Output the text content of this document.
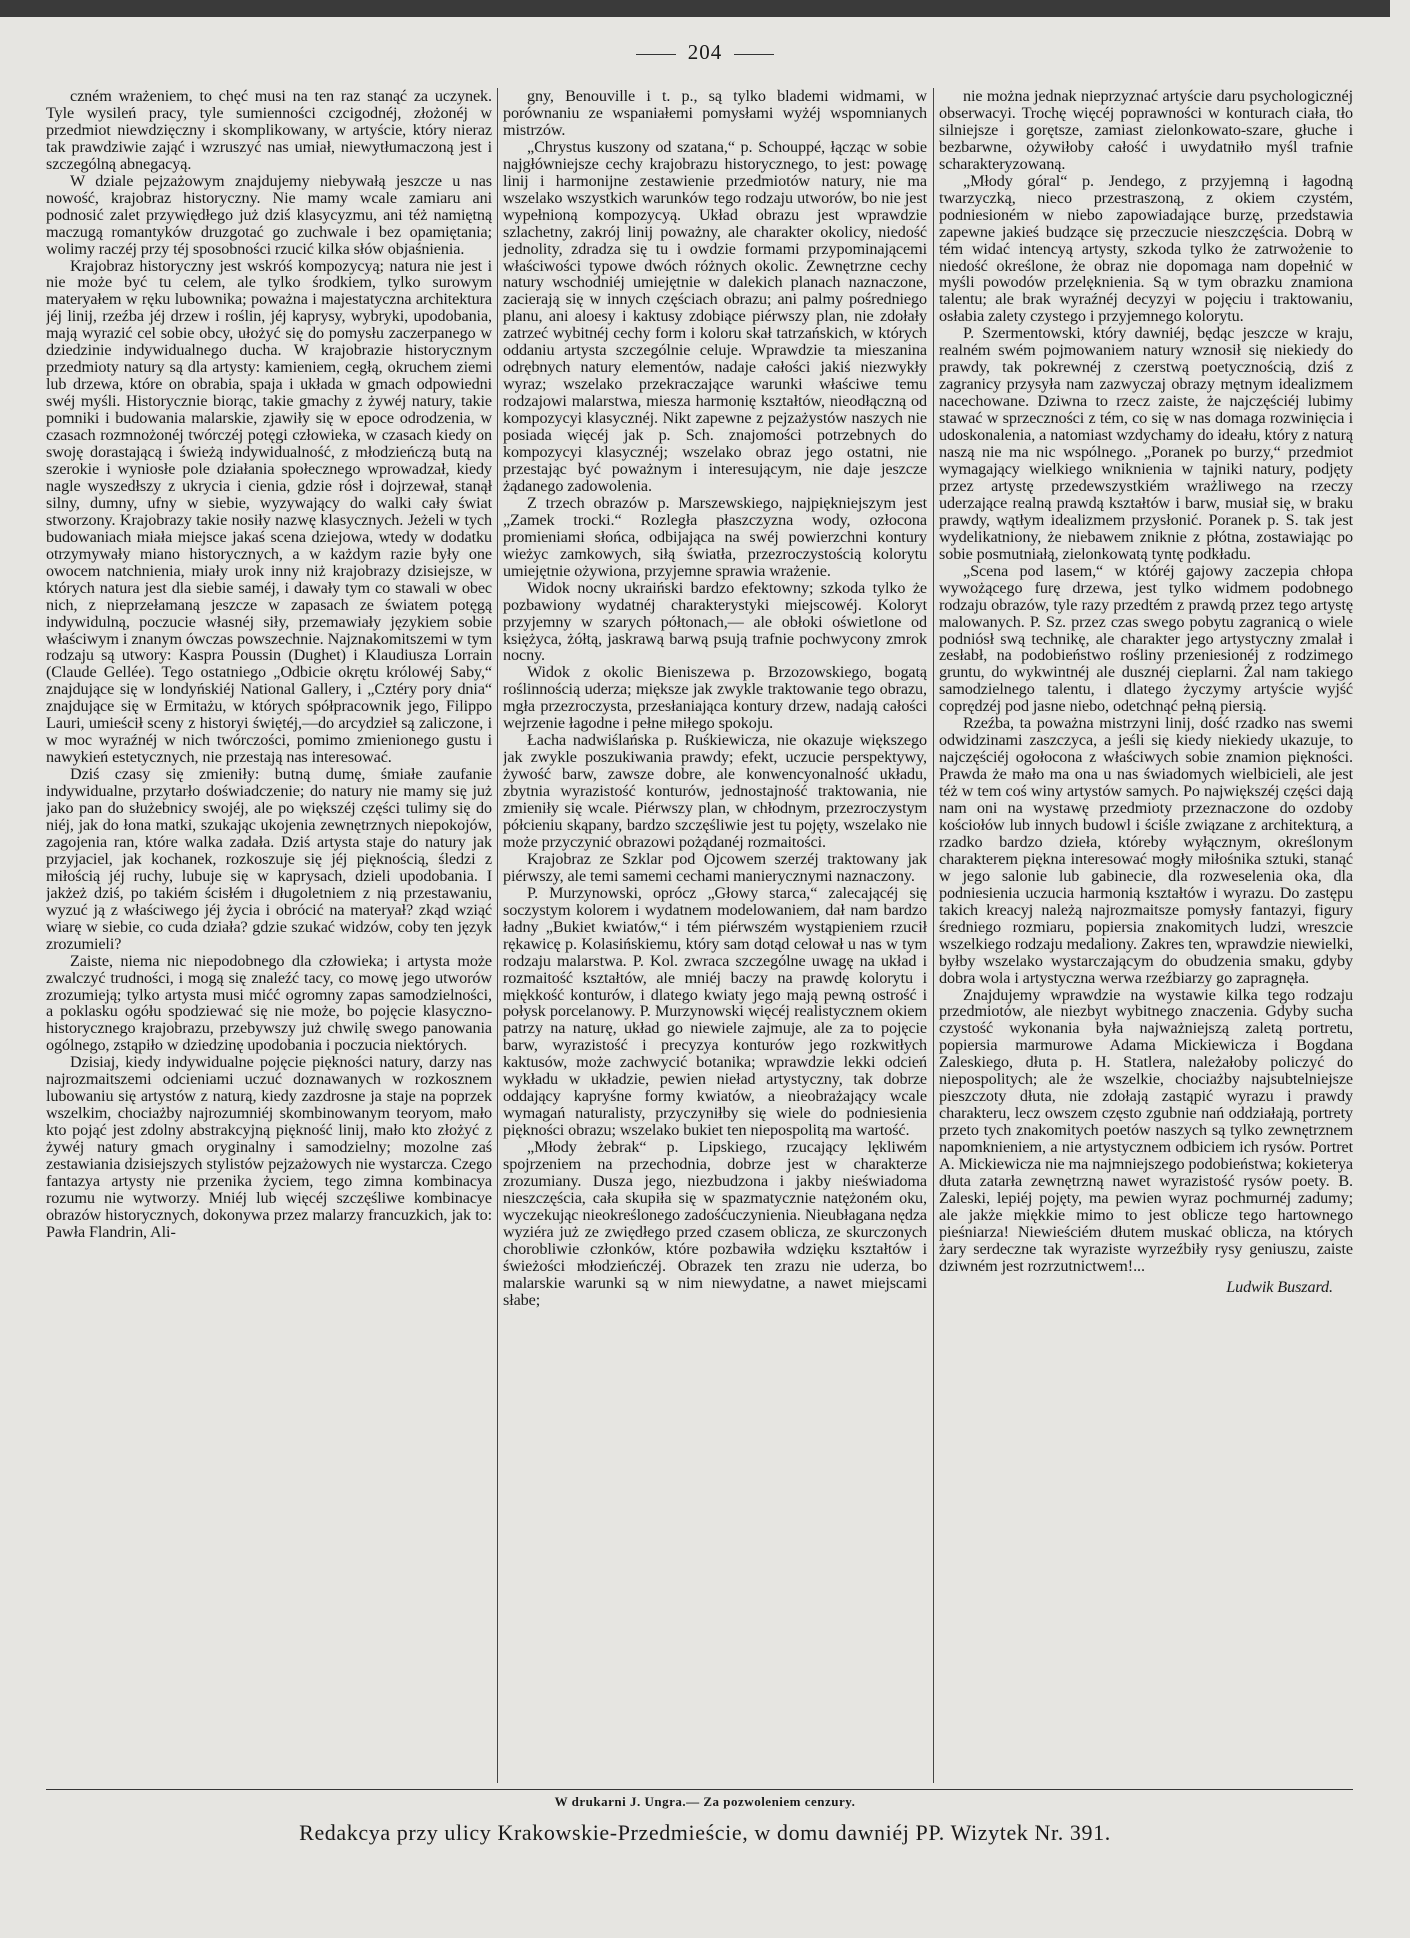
204

czném wrażeniem, to chęć musi na ten raz stanąć za uczynek. Tyle wysileń pracy, tyle sumienności czcigodnéj, złożonéj w przedmiot niewdzięczny i skomplikowany, w artyście, który nieraz tak prawdziwie zająć i wzruszyć nas umiał, niewytłumaczoną jest i szczególną abnegacyą.

W dziale pejzażowym znajdujemy niebywałą jeszcze u nas nowość, krajobraz historyczny. Nie mamy wcale zamiaru ani podnosić zalet przywiędłego już dziś klasycyzmu, ani téż namiętną maczugą romantyków druzgotać go zuchwale i bez opamiętania; wolimy raczéj przy téj sposobności rzucić kilka słów objaśnienia.

Krajobraz historyczny jest wskróś kompozycyą; natura nie jest i nie może być tu celem, ale tylko środkiem, tylko surowym materyałem w ręku lubownika; poważna i majestatyczna architektura jéj linij, rzeźba jéj drzew i roślin, jéj kaprysy, wybryki, upodobania, mają wyrazić cel sobie obcy, ułożyć się do pomysłu zaczerpanego w dziedzinie indywidualnego ducha. W krajobrazie historycznym przedmioty natury są dla artysty: kamieniem, cegłą, okruchem ziemi lub drzewa, które on obrabia, spaja i układa w gmach odpowiedni swéj myśli. Historycznie biorąc, takie gmachy z żywéj natury, takie pomniki i budowania malarskie, zjawiły się w epoce odrodzenia, w czasach rozmnożonéj twórczéj potęgi człowieka, w czasach kiedy on swoję dorastającą i świeżą indywidualność, z młodzieńczą butą na szerokie i wyniosłe pole działania społecznego wprowadzał, kiedy nagle wyszedłszy z ukrycia i cienia, gdzie rósł i dojrzewał, stanął silny, dumny, ufny w siebie, wyzywający do walki cały świat stworzony. Krajobrazy takie nosiły nazwę klasycznych. Jeżeli w tych budowaniach miała miejsce jakaś scena dziejowa, wtedy w dodatku otrzymywały miano historycznych, a w każdym razie były one owocem natchnienia, miały urok inny niż krajobrazy dzisiejsze, w których natura jest dla siebie saméj, i dawały tym co stawali w obec nich, z nieprzełamaną jeszcze w zapasach ze światem potęgą indywidulną, poczucie własnéj siły, przemawiały językiem sobie właściwym i znanym ówczas powszechnie. Najznakomitszemi w tym rodzaju są utwory: Kaspra Poussin (Dughet) i Klaudiusza Lorrain (Claude Gellée). Tego ostatniego „Odbicie okrętu królowéj Saby,“ znajdujące się w londyńskiéj National Gallery, i „Cztéry pory dnia“ znajdujące się w Ermitażu, w których spółpracownik jego, Filippo Lauri, umieścił sceny z historyi świętéj,—do arcydzieł są zaliczone, i w moc wyraźnéj w nich twórczości, pomimo zmienionego gustu i nawykień estetycznych, nie przestają nas interesować.

Dziś czasy się zmieniły: butną dumę, śmiałe zaufanie indywidualne, przytarło doświadczenie; do natury nie mamy się już jako pan do służebnicy swojéj, ale po większéj części tulimy się do niéj, jak do łona matki, szukając ukojenia zewnętrznych niepokojów, zagojenia ran, które walka zadała. Dziś artysta staje do natury jak przyjaciel, jak kochanek, rozkoszuje się jéj pięknością, śledzi z miłością jéj ruchy, lubuje się w kaprysach, dzieli upodobania. I jakżeż dziś, po takiém ścisłém i długoletniem z nią przestawaniu, wyzuć ją z właściwego jéj życia i obrócić na materyał? zkąd wziąć wiarę w siebie, co cuda działa? gdzie szukać widzów, coby ten język zrozumieli?

Zaiste, niema nic niepodobnego dla człowieka; i artysta może zwalczyć trudności, i mogą się znaleźć tacy, co mowę jego utworów zrozumieją; tylko artysta musi mićć ogromny zapas samodzielności, a poklasku ogółu spodziewać się nie może, bo pojęcie klasyczno-historycznego krajobrazu, przebywszy już chwilę swego panowania ogólnego, zstąpiło w dziedzinę upodobania i poczucia niektórych.

Dzisiaj, kiedy indywidualne pojęcie piękności natury, darzy nas najrozmaitszemi odcieniami uczuć doznawanych w rozkosznem lubowaniu się artystów z naturą, kiedy zazdrosne ja staje na poprzek wszelkim, chociażby najrozumniéj skombinowanym teoryom, mało kto pojąć jest zdolny abstrakcyjną piękność linij, mało kto złożyć z żywéj natury gmach oryginalny i samodzielny; mozolne zaś zestawiania dzisiejszych stylistów pejzażowych nie wystarcza. Czego fantazya artysty nie przenika życiem, tego zimna kombinacya rozumu nie wytworzy. Mniéj lub więcéj szczęśliwe kombinacye obrazów historycznych, dokonywa przez malarzy francuzkich, jak to: Pawła Flandrin, Ali-

gny, Benouville i t. p., są tylko blademi widmami, w porównaniu ze wspaniałemi pomysłami wyżéj wspomnianych mistrzów.

„Chrystus kuszony od szatana,“ p. Schouppé, łącząc w sobie najgłówniejsze cechy krajobrazu historycznego, to jest: powagę linij i harmonijne zestawienie przedmiotów natury, nie ma wszelako wszystkich warunków tego rodzaju utworów, bo nie jest wypełnioną kompozycyą. Układ obrazu jest wprawdzie szlachetny, zakrój linij poważny, ale charakter okolicy, niedość jednolity, zdradza się tu i owdzie formami przypominającemi właściwości typowe dwóch różnych okolic. Zewnętrzne cechy natury wschodniéj umiejętnie w dalekich planach naznaczone, zacierają się w innych częściach obrazu; ani palmy pośredniego planu, ani aloesy i kaktusy zdobiące piérwszy plan, nie zdołały zatrzeć wybitnéj cechy form i koloru skał tatrzańskich, w których oddaniu artysta szczególnie celuje. Wprawdzie ta mieszanina odrębnych natury elementów, nadaje całości jakiś niezwykły wyraz; wszelako przekraczające warunki właściwe temu rodzajowi malarstwa, miesza harmonię kształtów, nieodłączną od kompozycyi klasycznéj. Nikt zapewne z pejzażystów naszych nie posiada więcéj jak p. Sch. znajomości potrzebnych do kompozycyi klasycznéj; wszelako obraz jego ostatni, nie przestając być poważnym i interesującym, nie daje jeszcze żądanego zadowolenia.

Z trzech obrazów p. Marszewskiego, najpiękniejszym jest „Zamek trocki.“ Rozległa płaszczyzna wody, ozłocona promieniami słońca, odbijająca na swéj powierzchni kontury wieżyc zamkowych, siłą światła, przezroczystością kolorytu umiejętnie ożywiona, przyjemne sprawia wrażenie.

Widok nocny ukraiński bardzo efektowny; szkoda tylko że pozbawiony wydatnéj charakterystyki miejscowéj. Koloryt przyjemny w szarych półtonach,— ale obłoki oświetlone od księżyca, żółtą, jaskrawą barwą psują trafnie pochwycony zmrok nocny.

Widok z okolic Bieniszewa p. Brzozowskiego, bogatą roślinnością uderza; miększe jak zwykle traktowanie tego obrazu, mgła przezroczysta, przesłaniająca kontury drzew, nadają całości wejrzenie łagodne i pełne miłego spokoju.

Łacha nadwiślańska p. Ruśkiewicza, nie okazuje większego jak zwykle poszukiwania prawdy; efekt, uczucie perspektywy, żywość barw, zawsze dobre, ale konwencyonalność układu, zbytnia wyrazistość konturów, jednostajność traktowania, nie zmieniły się wcale. Piérwszy plan, w chłodnym, przezroczystym półcieniu skąpany, bardzo szczęśliwie jest tu pojęty, wszelako nie może przyczynić obrazowi pożądanéj rozmaitości.

Krajobraz ze Szklar pod Ojcowem szerzéj traktowany jak piérwszy, ale temi samemi cechami manierycznymi naznaczony.

P. Murzynowski, oprócz „Głowy starca,“ zalecającéj się soczystym kolorem i wydatnem modelowaniem, dał nam bardzo ładny „Bukiet kwiatów,“ i tém piérwszém wystąpieniem rzucił rękawicę p. Kolasińskiemu, który sam dotąd celował u nas w tym rodzaju malarstwa. P. Kol. zwraca szczególne uwagę na układ i rozmaitość kształtów, ale mniéj baczy na prawdę kolorytu i miękkość konturów, i dlatego kwiaty jego mają pewną ostrość i połysk porcelanowy. P. Murzynowski więcéj realistycznem okiem patrzy na naturę, układ go niewiele zajmuje, ale za to pojęcie barw, wyrazistość i precyzya konturów jego rozkwitłych kaktusów, może zachwycić botanika; wprawdzie lekki odcień wykładu w układzie, pewien nieład artystyczny, tak dobrze oddający kapryśne formy kwiatów, a nieobrażający wcale wymagań naturalisty, przyczyniłby się wiele do podniesienia piękności obrazu; wszelako bukiet ten niepospolitą ma wartość.

„Młody żebrak“ p. Lipskiego, rzucający lękliwém spojrzeniem na przechodnia, dobrze jest w charakterze zrozumiany. Dusza jego, niezbudzona i jakby nieświadoma nieszczęścia, cała skupiła się w spazmatycznie natężoném oku, wyczekując nieokreślonego zadośćuczynienia. Nieubłagana nędza wyziéra już ze zwiędłego przed czasem oblicza, ze skurczonych chorobliwie członków, które pozbawiła wdzięku kształtów i świeżości młodzieńczéj. Obrazek ten zrazu nie uderza, bo malarskie warunki są w nim niewydatne, a nawet miejscami słabe;

nie można jednak nieprzyznać artyście daru psychologicznéj obserwacyi. Trochę więcéj poprawności w konturach ciała, tło silniejsze i gorętsze, zamiast zielonkowato-szare, głuche i bezbarwne, ożywiłoby całość i uwydatniło myśl trafnie scharakteryzowaną.

„Młody góral“ p. Jendego, z przyjemną i łagodną twarzyczką, nieco przestraszoną, z okiem czystém, podniesioném w niebo zapowiadające burzę, przedstawia zapewne jakieś budzące się przeczucie nieszczęścia. Dobrą w tém widać intencyą artysty, szkoda tylko że zatrwożenie to niedość określone, że obraz nie dopomaga nam dopełnić w myśli powodów przelęknienia. Są w tym obrazku znamiona talentu; ale brak wyraźnéj decyzyi w pojęciu i traktowaniu, osłabia zalety czystego i przyjemnego kolorytu.

P. Szermentowski, który dawniéj, będąc jeszcze w kraju, realném swém pojmowaniem natury wznosił się niekiedy do prawdy, tak pokrewnéj z czerstwą poetycznością, dziś z zagranicy przysyła nam zazwyczaj obrazy mętnym idealizmem nacechowane. Dziwna to rzecz zaiste, że najczęściéj lubimy stawać w sprzeczności z tém, co się w nas domaga rozwinięcia i udoskonalenia, a natomiast wzdychamy do ideału, który z naturą naszą nie ma nic wspólnego. „Poranek po burzy,“ przedmiot wymagający wielkiego wniknienia w tajniki natury, podjęty przez artystę przedewszystkiém wrażliwego na rzeczy uderzające realną prawdą kształtów i barw, musiał się, w braku prawdy, wątłym idealizmem przysłonić. Poranek p. S. tak jest wydelikatniony, że niebawem zniknie z płótna, zostawiając po sobie posmutniałą, zielonkowatą tyntę podkładu.

„Scena pod lasem,“ w któréj gajowy zaczepia chłopa wywożącego furę drzewa, jest tylko widmem podobnego rodzaju obrazów, tyle razy przedtém z prawdą przez tego artystę malowanych. P. Sz. przez czas swego pobytu zagranicą o wiele podniósł swą technikę, ale charakter jego artystyczny zmalał i zesłabł, na podobieństwo rośliny przeniesionéj z rodzimego gruntu, do wykwintnéj ale dusznéj cieplarni. Żal nam takiego samodzielnego talentu, i dlatego życzymy artyście wyjść coprędzéj pod jasne niebo, odetchnąć pełną piersią.

Rzeźba, ta poważna mistrzyni linij, dość rzadko nas swemi odwidzinami zaszczyca, a jeśli się kiedy niekiedy ukazuje, to najczęściéj ogołocona z właściwych sobie znamion piękności. Prawda że mało ma ona u nas świadomych wielbicieli, ale jest téż w tem coś winy artystów samych. Po największéj części dają nam oni na wystawę przedmioty przeznaczone do ozdoby kościołów lub innych budowl i ściśle związane z architekturą, a rzadko bardzo dzieła, któreby wyłącznym, określonym charakterem piękna interesować mogły miłośnika sztuki, stanąć w jego salonie lub gabinecie, dla rozweselenia oka, dla podniesienia uczucia harmonią kształtów i wyrazu. Do zastępu takich kreacyj należą najrozmaitsze pomysły fantazyi, figury średniego rozmiaru, popiersia znakomitych ludzi, wreszcie wszelkiego rodzaju medaliony. Zakres ten, wprawdzie niewielki, byłby wszelako wystarczającym do obudzenia smaku, gdyby dobra wola i artystyczna werwa rzeźbiarzy go zapragnęła.

Znajdujemy wprawdzie na wystawie kilka tego rodzaju przedmiotów, ale niezbyt wybitnego znaczenia. Gdyby sucha czystość wykonania była najważniejszą zaletą portretu, popiersia marmurowe Adama Mickiewicza i Bogdana Zaleskiego, dłuta p. H. Statlera, należałoby policzyć do niepospolitych; ale że wszelkie, chociażby najsubtelniejsze pieszczoty dłuta, nie zdołają zastąpić wyrazu i prawdy charakteru, lecz owszem często zgubnie nań oddziałają, portrety przeto tych znakomitych poetów naszych są tylko zewnętrznem napomknieniem, a nie artystycznem odbiciem ich rysów. Portret A. Mickiewicza nie ma najmniejszego podobieństwa; kokieterya dłuta zatarła zewnętrzną nawet wyrazistość rysów poety. B. Zaleski, lepiéj pojęty, ma pewien wyraz pochmurnéj zadumy; ale jakże miękkie mimo to jest oblicze tego hartownego pieśniarza! Niewieściém dłutem muskać oblicza, na których żary serdeczne tak wyraziste wyrzeźbiły rysy geniuszu, zaiste dziwném jest rozrzutnictwem!...

Ludwik Buszard.

W drukarni J. Ungra.— Za pozwoleniem cenzury.
Redakcya przy ulicy Krakowskie-Przedmieście, w domu dawniéj PP. Wizytek Nr. 391.
